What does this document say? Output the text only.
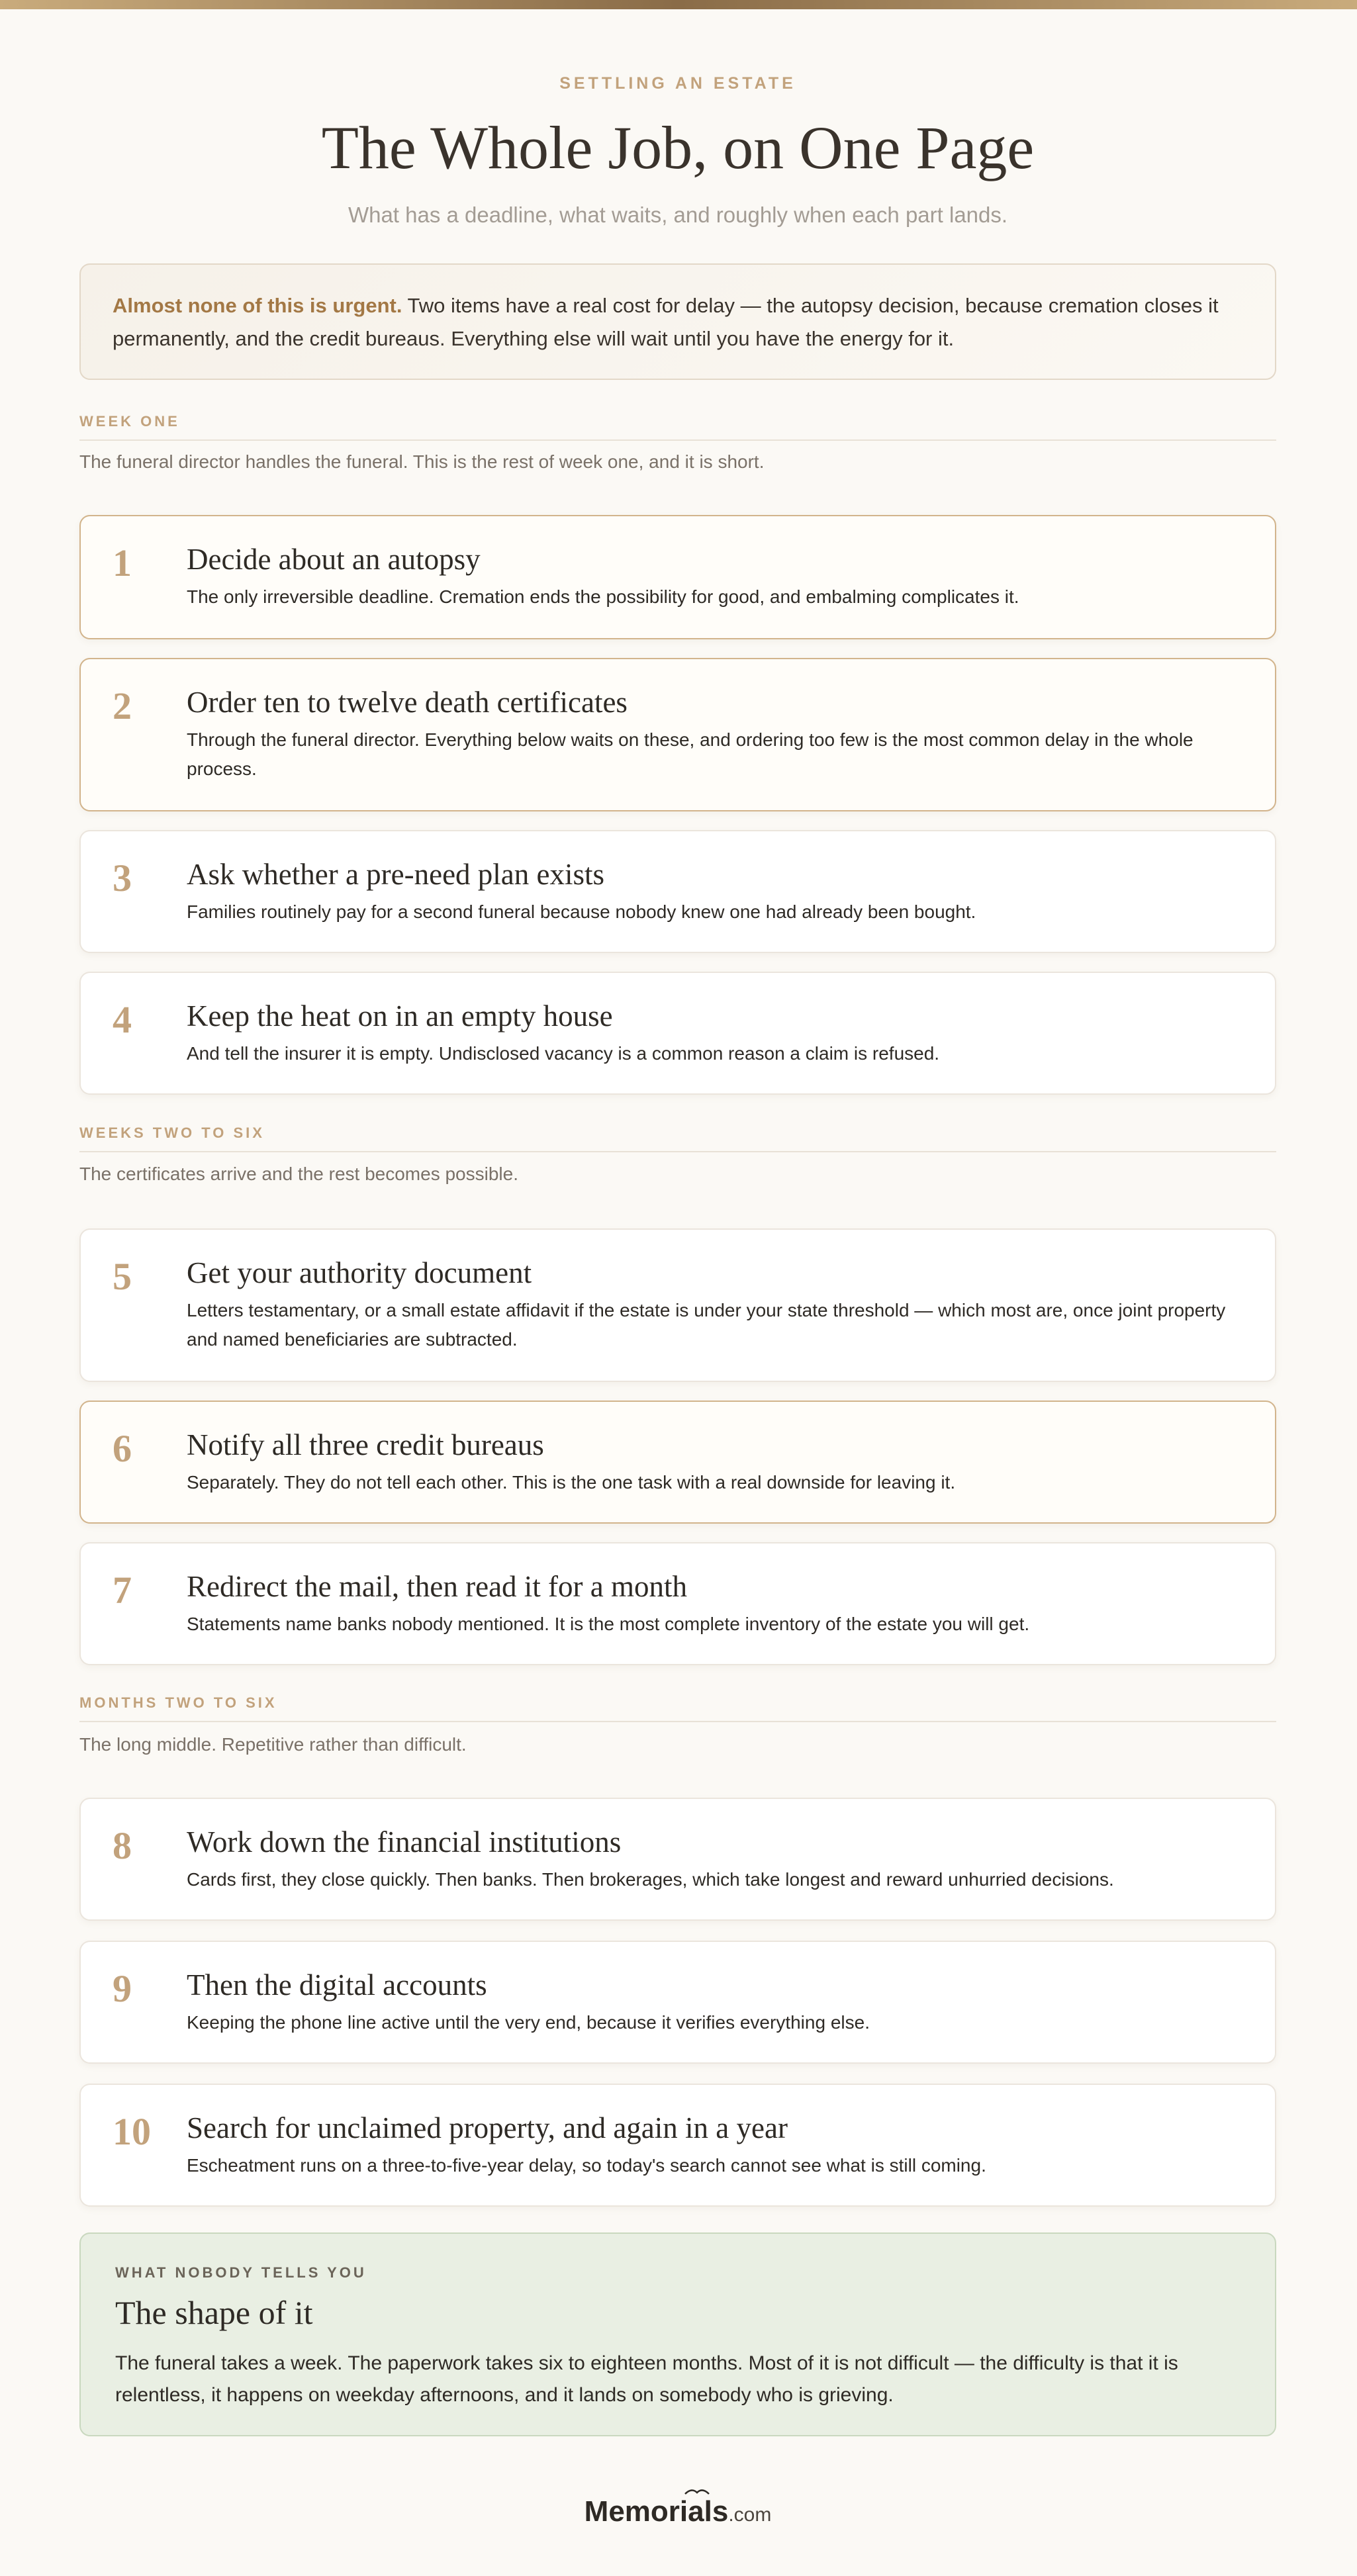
SETTLING AN ESTATE
The Whole Job, on One Page
What has a deadline, what waits, and roughly when each part lands.
Almost none of this is urgent. Two items have a real cost for delay — the autopsy decision, because cremation closes it permanently, and the credit bureaus. Everything else will wait until you have the energy for it.
WEEK ONE
The funeral director handles the funeral. This is the rest of week one, and it is short.
1 Decide about an autopsy
The only irreversible deadline. Cremation ends the possibility for good, and embalming complicates it.
2 Order ten to twelve death certificates
Through the funeral director. Everything below waits on these, and ordering too few is the most common delay in the whole process.
3 Ask whether a pre-need plan exists
Families routinely pay for a second funeral because nobody knew one had already been bought.
4 Keep the heat on in an empty house
And tell the insurer it is empty. Undisclosed vacancy is a common reason a claim is refused.
WEEKS TWO TO SIX
The certificates arrive and the rest becomes possible.
5 Get your authority document
Letters testamentary, or a small estate affidavit if the estate is under your state threshold — which most are, once joint property and named beneficiaries are subtracted.
6 Notify all three credit bureaus
Separately. They do not tell each other. This is the one task with a real downside for leaving it.
7 Redirect the mail, then read it for a month
Statements name banks nobody mentioned. It is the most complete inventory of the estate you will get.
MONTHS TWO TO SIX
The long middle. Repetitive rather than difficult.
8 Work down the financial institutions
Cards first, they close quickly. Then banks. Then brokerages, which take longest and reward unhurried decisions.
9 Then the digital accounts
Keeping the phone line active until the very end, because it verifies everything else.
10 Search for unclaimed property, and again in a year
Escheatment runs on a three-to-five-year delay, so today's search cannot see what is still coming.
WHAT NOBODY TELLS YOU
The shape of it
The funeral takes a week. The paperwork takes six to eighteen months. Most of it is not difficult — the difficulty is that it is relentless, it happens on weekday afternoons, and it lands on somebody who is grieving.
Memorials
.com
